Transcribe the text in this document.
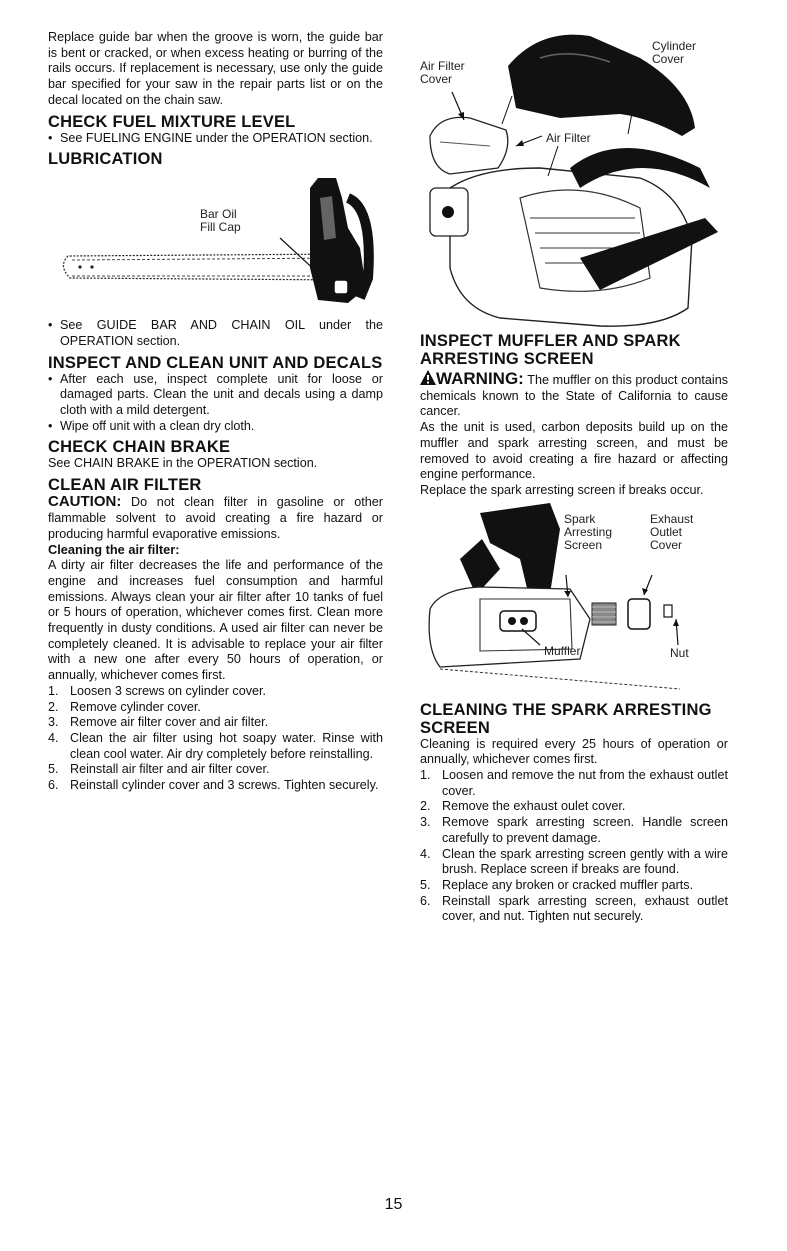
Replace guide bar when the groove is worn, the guide bar is bent or cracked, or when excess heating or burring of the rails occurs. If replacement is necessary, use only the guide bar specified for your saw in the repair parts list or on the decal located on the chain saw.

CHECK FUEL MIXTURE LEVEL
• See FUELING ENGINE under the OPERATION section.
LUBRICATION
Bar Oil
Fill Cap
• See GUIDE BAR AND CHAIN OIL under the OPERATION section.
INSPECT AND CLEAN UNIT AND DECALS
• After each use, inspect complete unit for loose or damaged parts. Clean the unit and decals using a damp cloth with a mild detergent.
• Wipe off unit with a clean dry cloth.
CHECK CHAIN BRAKE

See CHAIN BRAKE in the OPERATION section.

CLEAN AIR FILTER

CAUTION: Do not clean filter in gasoline or other flammable solvent to avoid creating a fire hazard or producing harmful evaporative emissions.

Cleaning the air filter:

A dirty air filter decreases the life and performance of the engine and increases fuel consumption and harmful emissions. Always clean your air filter after 10 tanks of fuel or 5 hours of operation, whichever comes first. Clean more frequently in dusty conditions. A used air filter can never be completely cleaned. It is advisable to replace your air filter with a new one after every 50 hours of operation, or annually, whichever comes first.

1. Loosen 3 screws on cylinder cover.
2. Remove cylinder cover.
3. Remove air filter cover and air filter.
4. Clean the air filter using hot soapy water. Rinse with clean cool water. Air dry completely before reinstalling.
5. Reinstall air filter and air filter cover.
6. Reinstall cylinder cover and 3 screws. Tighten securely.
Air Filter
Cover
Cylinder
Cover
Air Filter
INSPECT MUFFLER AND SPARK ARRESTING SCREEN

WARNING: The muffler on this product contains chemicals known to the State of California to cause cancer.

As the unit is used, carbon deposits build up on the muffler and spark arresting screen, and must be removed to avoid creating a fire hazard or affecting engine performance.

Replace the spark arresting screen if breaks occur.

Spark
Arresting
Screen
Exhaust
Outlet
Cover
Nut
Muffler
CLEANING THE SPARK ARRESTING SCREEN

Cleaning is required every 25 hours of operation or annually, whichever comes first.

1. Loosen and remove the nut from the exhaust outlet cover.
2. Remove the exhaust oulet cover.
3. Remove spark arresting screen. Handle screen carefully to prevent damage.
4. Clean the spark arresting screen gently with a wire brush. Replace screen if breaks are found.
5. Replace any broken or cracked muffler parts.
6. Reinstall spark arresting screen, exhaust outlet cover, and nut. Tighten nut securely.
15
